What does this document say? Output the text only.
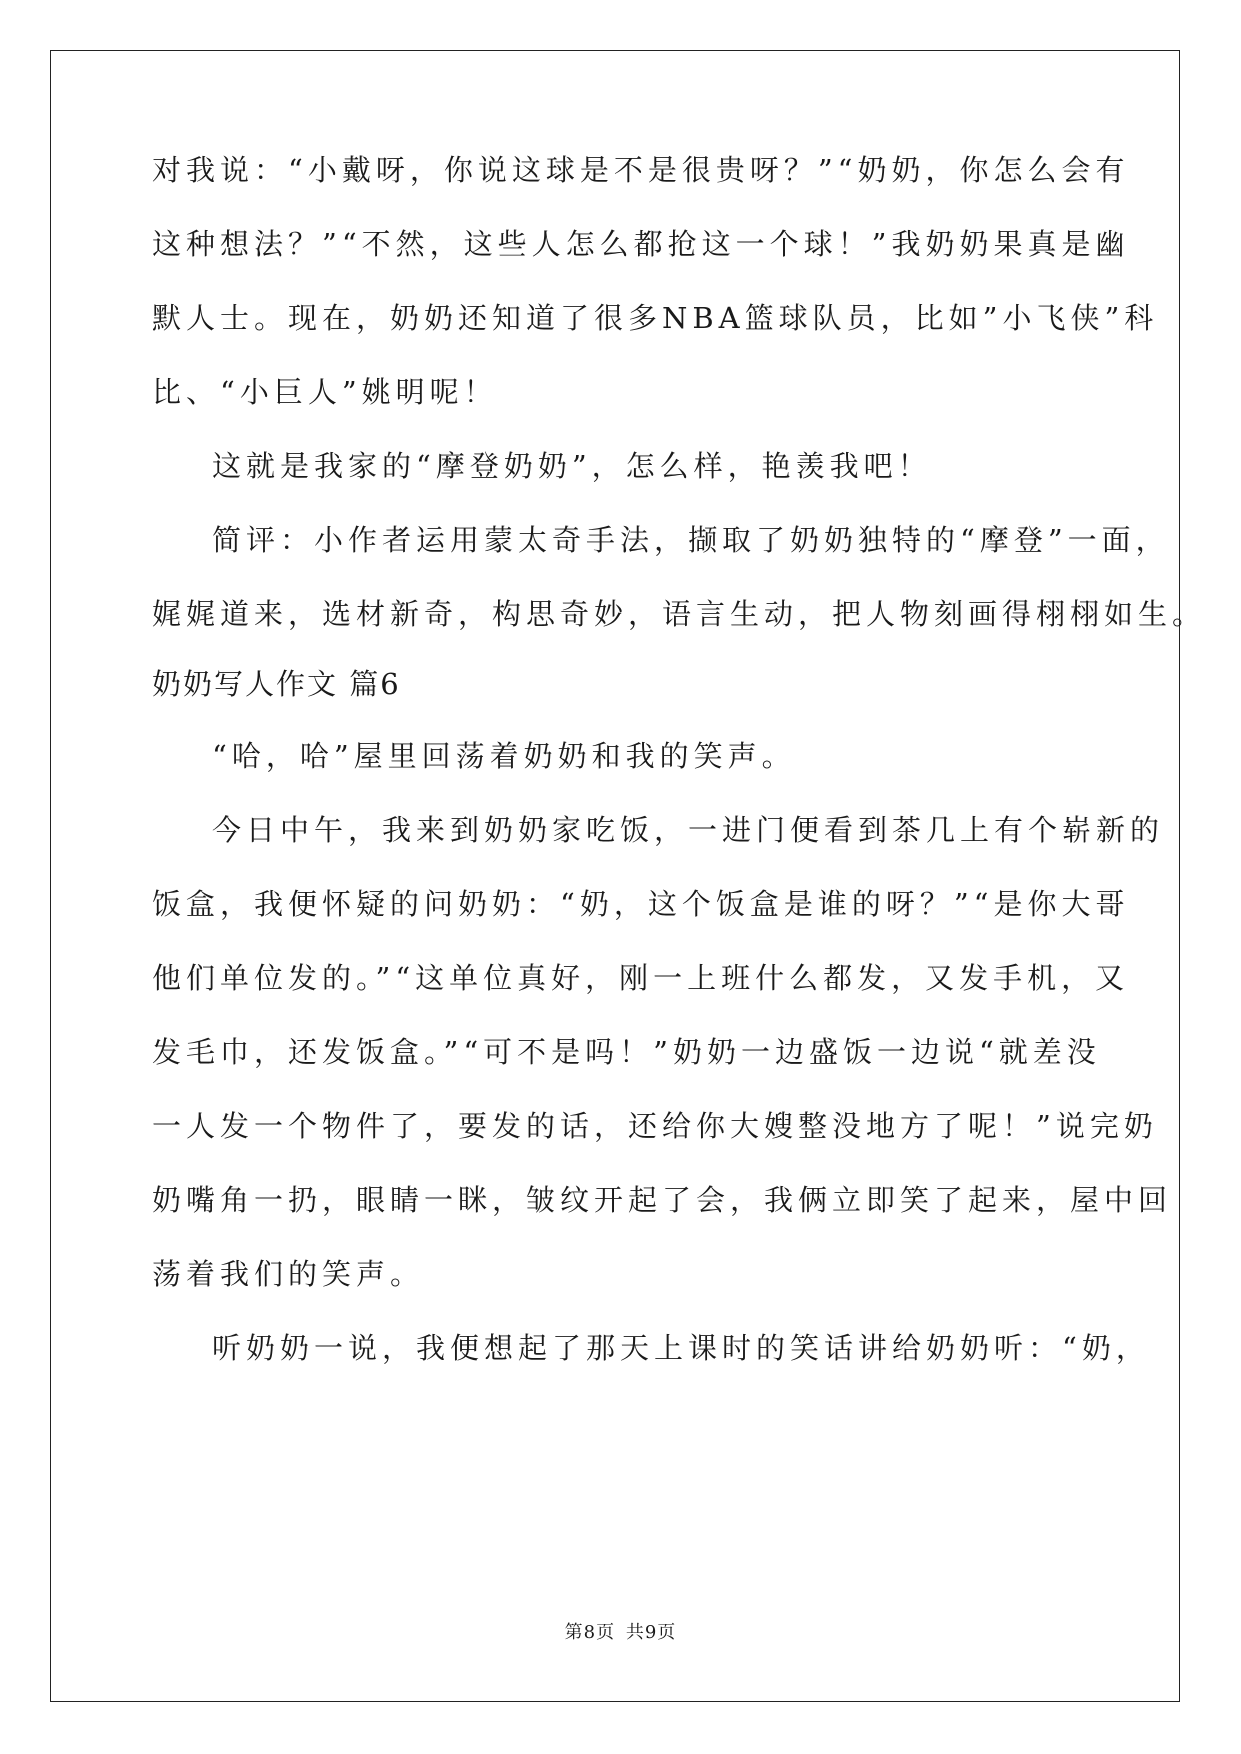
对我说：“小戴呀，你说这球是不是很贵呀？”“奶奶，你怎么会有
这种想法？”“不然，这些人怎么都抢这一个球！”我奶奶果真是幽
默人士。现在，奶奶还知道了很多NBA篮球队员，比如”小飞侠”科
比、“小巨人”姚明呢！
这就是我家的“摩登奶奶”，怎么样，艳羡我吧！
简评：小作者运用蒙太奇手法，撷取了奶奶独特的“摩登”一面，
娓娓道来，选材新奇，构思奇妙，语言生动，把人物刻画得栩栩如生。
奶奶写人作文 篇6
“哈，哈”屋里回荡着奶奶和我的笑声。
今日中午，我来到奶奶家吃饭，一进门便看到茶几上有个崭新的
饭盒，我便怀疑的问奶奶：“奶，这个饭盒是谁的呀？”“是你大哥
他们单位发的。”“这单位真好，刚一上班什么都发，又发手机，又
发毛巾，还发饭盒。”“可不是吗！”奶奶一边盛饭一边说“就差没
一人发一个物件了，要发的话，还给你大嫂整没地方了呢！”说完奶
奶嘴角一扔，眼睛一眯，皱纹开起了会，我俩立即笑了起来，屋中回
荡着我们的笑声。
听奶奶一说，我便想起了那天上课时的笑话讲给奶奶听：“奶，
第8页 共9页
